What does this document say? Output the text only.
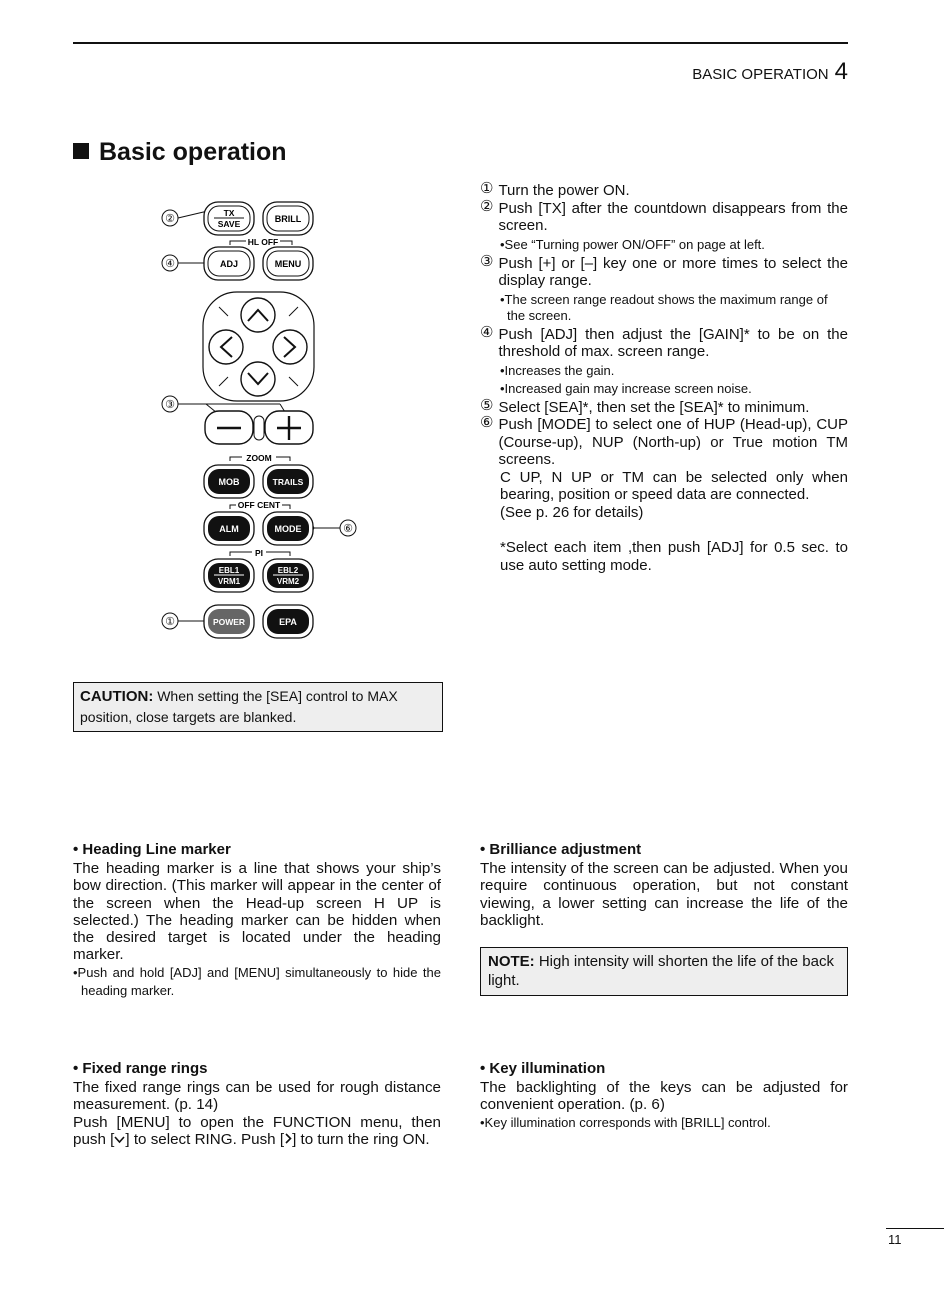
BASIC OPERATION 4
Basic operation
②
④
③
⑥
①
TX
SAVE	BRILL
HL OFF
ADJ	MENU
ZOOM
MOB	TRAILS
OFF CENT
ALM	MODE
PI
EBL1
VRM1
EBL2
VRM2
POWER	EPA
① Turn the power ON.
② Push [TX] after the countdown disappears from the screen.
•See “Turning power ON/OFF” on page at left.
③ Push [+] or [–] key one or more times to select the display range.
•The screen range readout shows the maximum range of the screen.
④ Push [ADJ] then adjust the [GAIN]* to be on the threshold of max. screen range.
•Increases the gain.
•Increased gain may increase screen noise.
⑤ Select [SEA]*, then set the [SEA]* to minimum.
⑥ Push [MODE] to select one of HUP (Head-up), CUP (Course-up), NUP (North-up) or True motion TM screens.
C UP, N UP or TM can be selected only when bearing, position or speed data are connected.
(See p. 26 for details)
*Select each item ,then push [ADJ] for 0.5 sec. to use auto setting mode.
CAUTION: When setting the [SEA] control to MAX position, close targets are blanked.
• Heading Line marker
The heading marker is a line that shows your ship’s bow direction. (This marker will appear in the center of the screen when the Head-up screen H UP is selected.) The heading marker can be hidden when the desired target is located under the heading marker.
•Push and hold [ADJ] and [MENU] simultaneously to hide the heading marker.
• Brilliance adjustment
The intensity of the screen can be adjusted. When you require continuous operation, but not constant viewing, a lower setting can increase the life of the backlight.
NOTE: High intensity will shorten the life of the back light.
• Fixed range rings
The fixed range rings can be used for rough distance measurement. (p. 14)
Push [MENU] to open the FUNCTION menu, then push [ ] to select RING. Push [ ] to turn the ring ON.
• Key illumination
The backlighting of the keys can be adjusted for convenient operation. (p. 6)
•Key illumination corresponds with [BRILL] control.
11
